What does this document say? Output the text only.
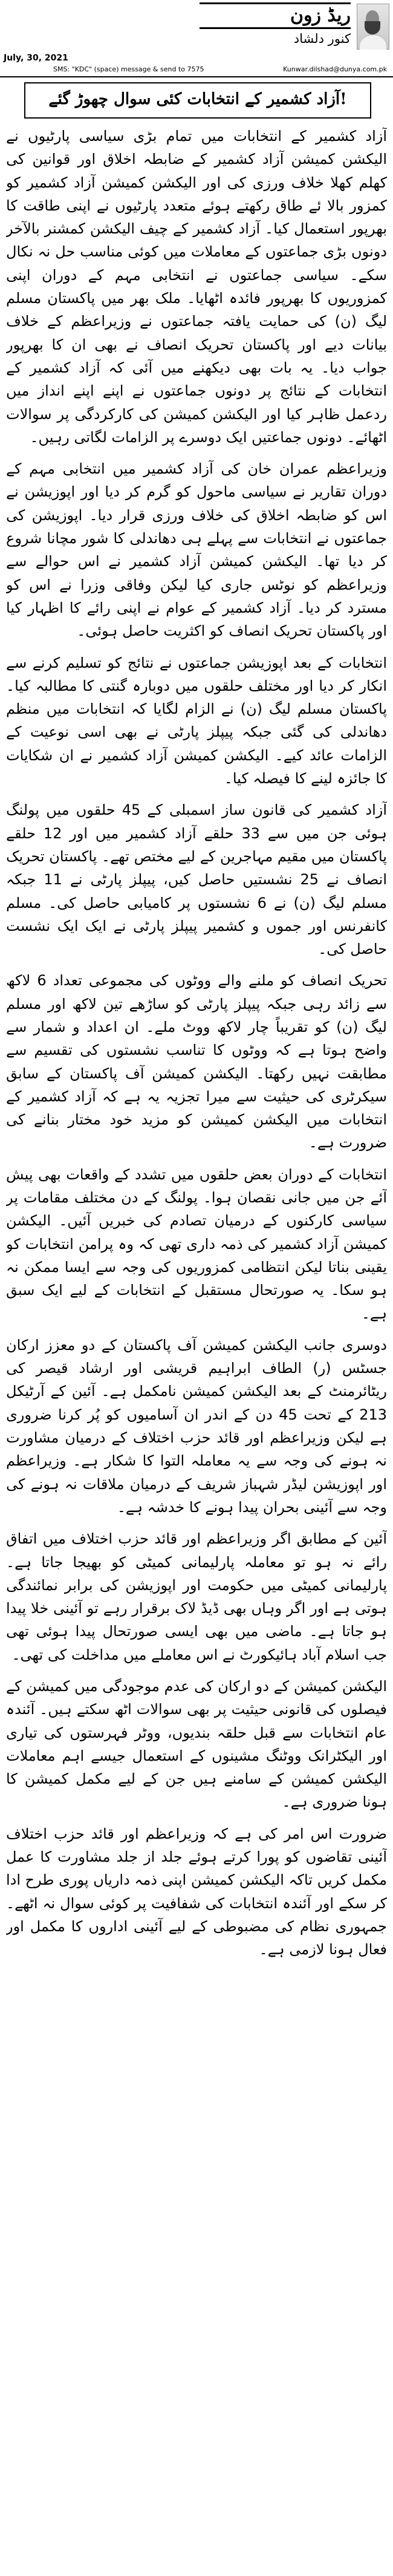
ریڈ زون
کنور دلشاد
July, 30, 2021
SMS: "KDC" (space) message & send to 7575	Kunwar.dilshad@dunya.com.pk
آزاد کشمیر کے انتخابات کئی سوال چھوڑ گئے!

آزاد کشمیر کے انتخابات میں تمام بڑی سیاسی پارٹیوں نے الیکشن کمیشن آزاد کشمیر کے ضابطہ اخلاق اور قوانین کی کھلم کھلا خلاف ورزی کی اور الیکشن کمیشن آزاد کشمیر کو کمزور بالا ئے طاق رکھتے ہوئے متعدد پارٹیوں نے اپنی طاقت کا بھرپور استعمال کیا۔ آزاد کشمیر کے چیف الیکشن کمشنر بالآخر دونوں بڑی جماعتوں کے معاملات میں کوئی مناسب حل نہ نکال سکے۔ سیاسی جماعتوں نے انتخابی مہم کے دوران اپنی کمزوریوں کا بھرپور فائدہ اٹھایا۔ ملک بھر میں پاکستان مسلم لیگ (ن) کی حمایت یافتہ جماعتوں نے وزیراعظم کے خلاف بیانات دیے اور پاکستان تحریک انصاف نے بھی ان کا بھرپور جواب دیا۔ یہ بات بھی دیکھنے میں آئی کہ آزاد کشمیر کے انتخابات کے نتائج پر دونوں جماعتوں نے اپنے اپنے انداز میں ردعمل ظاہر کیا اور الیکشن کمیشن کی کارکردگی پر سوالات اٹھائے۔ دونوں جماعتیں ایک دوسرے پر الزامات لگاتی رہیں۔

وزیراعظم عمران خان کی آزاد کشمیر میں انتخابی مہم کے دوران تقاریر نے سیاسی ماحول کو گرم کر دیا اور اپوزیشن نے اس کو ضابطہ اخلاق کی خلاف ورزی قرار دیا۔ اپوزیشن کی جماعتوں نے انتخابات سے پہلے ہی دھاندلی کا شور مچانا شروع کر دیا تھا۔ الیکشن کمیشن آزاد کشمیر نے اس حوالے سے وزیراعظم کو نوٹس جاری کیا لیکن وفاقی وزرا نے اس کو مسترد کر دیا۔ آزاد کشمیر کے عوام نے اپنی رائے کا اظہار کیا اور پاکستان تحریک انصاف کو اکثریت حاصل ہوئی۔

انتخابات کے بعد اپوزیشن جماعتوں نے نتائج کو تسلیم کرنے سے انکار کر دیا اور مختلف حلقوں میں دوبارہ گنتی کا مطالبہ کیا۔ پاکستان مسلم لیگ (ن) نے الزام لگایا کہ انتخابات میں منظم دھاندلی کی گئی جبکہ پیپلز پارٹی نے بھی اسی نوعیت کے الزامات عائد کیے۔ الیکشن کمیشن آزاد کشمیر نے ان شکایات کا جائزہ لینے کا فیصلہ کیا۔

آزاد کشمیر کی قانون ساز اسمبلی کے 45 حلقوں میں پولنگ ہوئی جن میں سے 33 حلقے آزاد کشمیر میں اور 12 حلقے پاکستان میں مقیم مہاجرین کے لیے مختص تھے۔ پاکستان تحریک انصاف نے 25 نشستیں حاصل کیں، پیپلز پارٹی نے 11 جبکہ مسلم لیگ (ن) نے 6 نشستوں پر کامیابی حاصل کی۔ مسلم کانفرنس اور جموں و کشمیر پیپلز پارٹی نے ایک ایک نشست حاصل کی۔

تحریک انصاف کو ملنے والے ووٹوں کی مجموعی تعداد 6 لاکھ سے زائد رہی جبکہ پیپلز پارٹی کو ساڑھے تین لاکھ اور مسلم لیگ (ن) کو تقریباً چار لاکھ ووٹ ملے۔ ان اعداد و شمار سے واضح ہوتا ہے کہ ووٹوں کا تناسب نشستوں کی تقسیم سے مطابقت نہیں رکھتا۔ الیکشن کمیشن آف پاکستان کے سابق سیکرٹری کی حیثیت سے میرا تجزیہ یہ ہے کہ آزاد کشمیر کے انتخابات میں الیکشن کمیشن کو مزید خود مختار بنانے کی ضرورت ہے۔

انتخابات کے دوران بعض حلقوں میں تشدد کے واقعات بھی پیش آئے جن میں جانی نقصان ہوا۔ پولنگ کے دن مختلف مقامات پر سیاسی کارکنوں کے درمیان تصادم کی خبریں آئیں۔ الیکشن کمیشن آزاد کشمیر کی ذمہ داری تھی کہ وہ پرامن انتخابات کو یقینی بناتا لیکن انتظامی کمزوریوں کی وجہ سے ایسا ممکن نہ ہو سکا۔ یہ صورتحال مستقبل کے انتخابات کے لیے ایک سبق ہے۔

دوسری جانب الیکشن کمیشن آف پاکستان کے دو معزز ارکان جسٹس (ر) الطاف ابراہیم قریشی اور ارشاد قیصر کی ریٹائرمنٹ کے بعد الیکشن کمیشن نامکمل ہے۔ آئین کے آرٹیکل 213 کے تحت 45 دن کے اندر ان آسامیوں کو پُر کرنا ضروری ہے لیکن وزیراعظم اور قائد حزب اختلاف کے درمیان مشاورت نہ ہونے کی وجہ سے یہ معاملہ التوا کا شکار ہے۔ وزیراعظم اور اپوزیشن لیڈر شہباز شریف کے درمیان ملاقات نہ ہونے کی وجہ سے آئینی بحران پیدا ہونے کا خدشہ ہے۔

آئین کے مطابق اگر وزیراعظم اور قائد حزب اختلاف میں اتفاق رائے نہ ہو تو معاملہ پارلیمانی کمیٹی کو بھیجا جاتا ہے۔ پارلیمانی کمیٹی میں حکومت اور اپوزیشن کی برابر نمائندگی ہوتی ہے اور اگر وہاں بھی ڈیڈ لاک برقرار رہے تو آئینی خلا پیدا ہو جاتا ہے۔ ماضی میں بھی ایسی صورتحال پیدا ہوئی تھی جب اسلام آباد ہائیکورٹ نے اس معاملے میں مداخلت کی تھی۔

الیکشن کمیشن کے دو ارکان کی عدم موجودگی میں کمیشن کے فیصلوں کی قانونی حیثیت پر بھی سوالات اٹھ سکتے ہیں۔ آئندہ عام انتخابات سے قبل حلقہ بندیوں، ووٹر فہرستوں کی تیاری اور الیکٹرانک ووٹنگ مشینوں کے استعمال جیسے اہم معاملات الیکشن کمیشن کے سامنے ہیں جن کے لیے مکمل کمیشن کا ہونا ضروری ہے۔

ضرورت اس امر کی ہے کہ وزیراعظم اور قائد حزب اختلاف آئینی تقاضوں کو پورا کرتے ہوئے جلد از جلد مشاورت کا عمل مکمل کریں تاکہ الیکشن کمیشن اپنی ذمہ داریاں پوری طرح ادا کر سکے اور آئندہ انتخابات کی شفافیت پر کوئی سوال نہ اٹھے۔ جمہوری نظام کی مضبوطی کے لیے آئینی اداروں کا مکمل اور فعال ہونا لازمی ہے۔
